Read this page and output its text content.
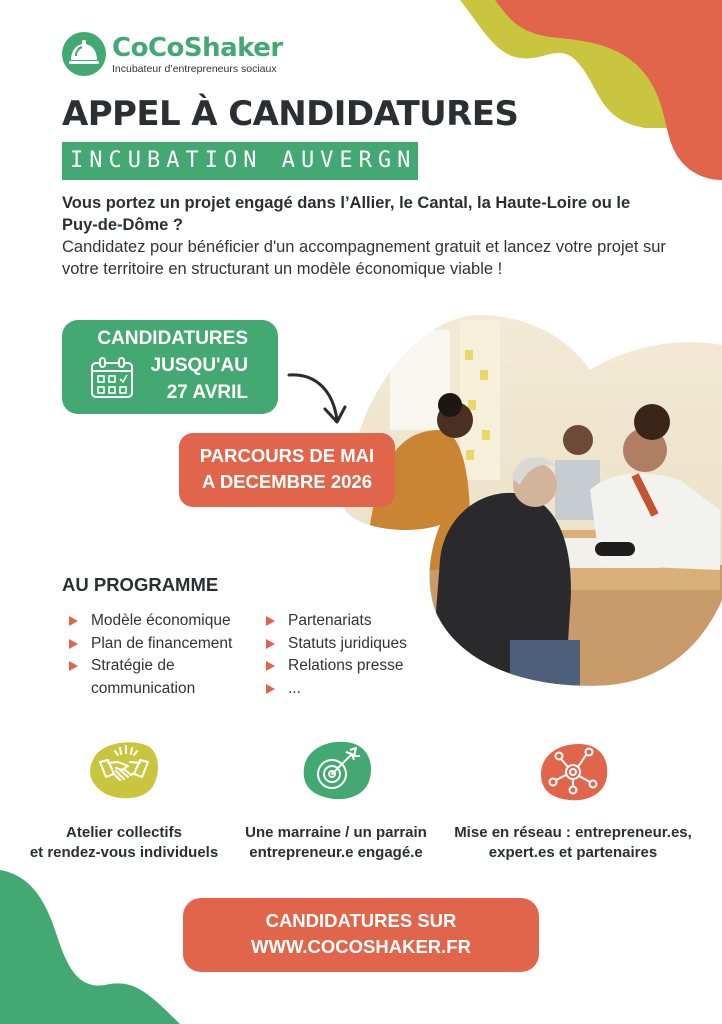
CoCoShaker
Incubateur d’entrepreneurs sociaux
APPEL À CANDIDATURES
INCUBATION AUVERGNE

Vous portez un projet engagé dans l’Allier, le Cantal, la Haute-Loire ou le Puy-de-Dôme ?

Candidatez pour bénéficier d'un accompagnement gratuit et lancez votre projet sur votre territoire en structurant un modèle économique viable !

CANDIDATURES
JUSQU'AU
27 AVRIL
PARCOURS DE MAI
A DECEMBRE 2026
AU PROGRAMME
Modèle économique
Plan de financement
Stratégie de communication
Partenariats
Statuts juridiques
Relations presse
...
Atelier collectifs
et rendez-vous individuels
Une marraine / un parrain
entrepreneur.e engagé.e
Mise en réseau : entrepreneur.es,
expert.es et partenaires
CANDIDATURES SUR
WWW.COCOSHAKER.FR
